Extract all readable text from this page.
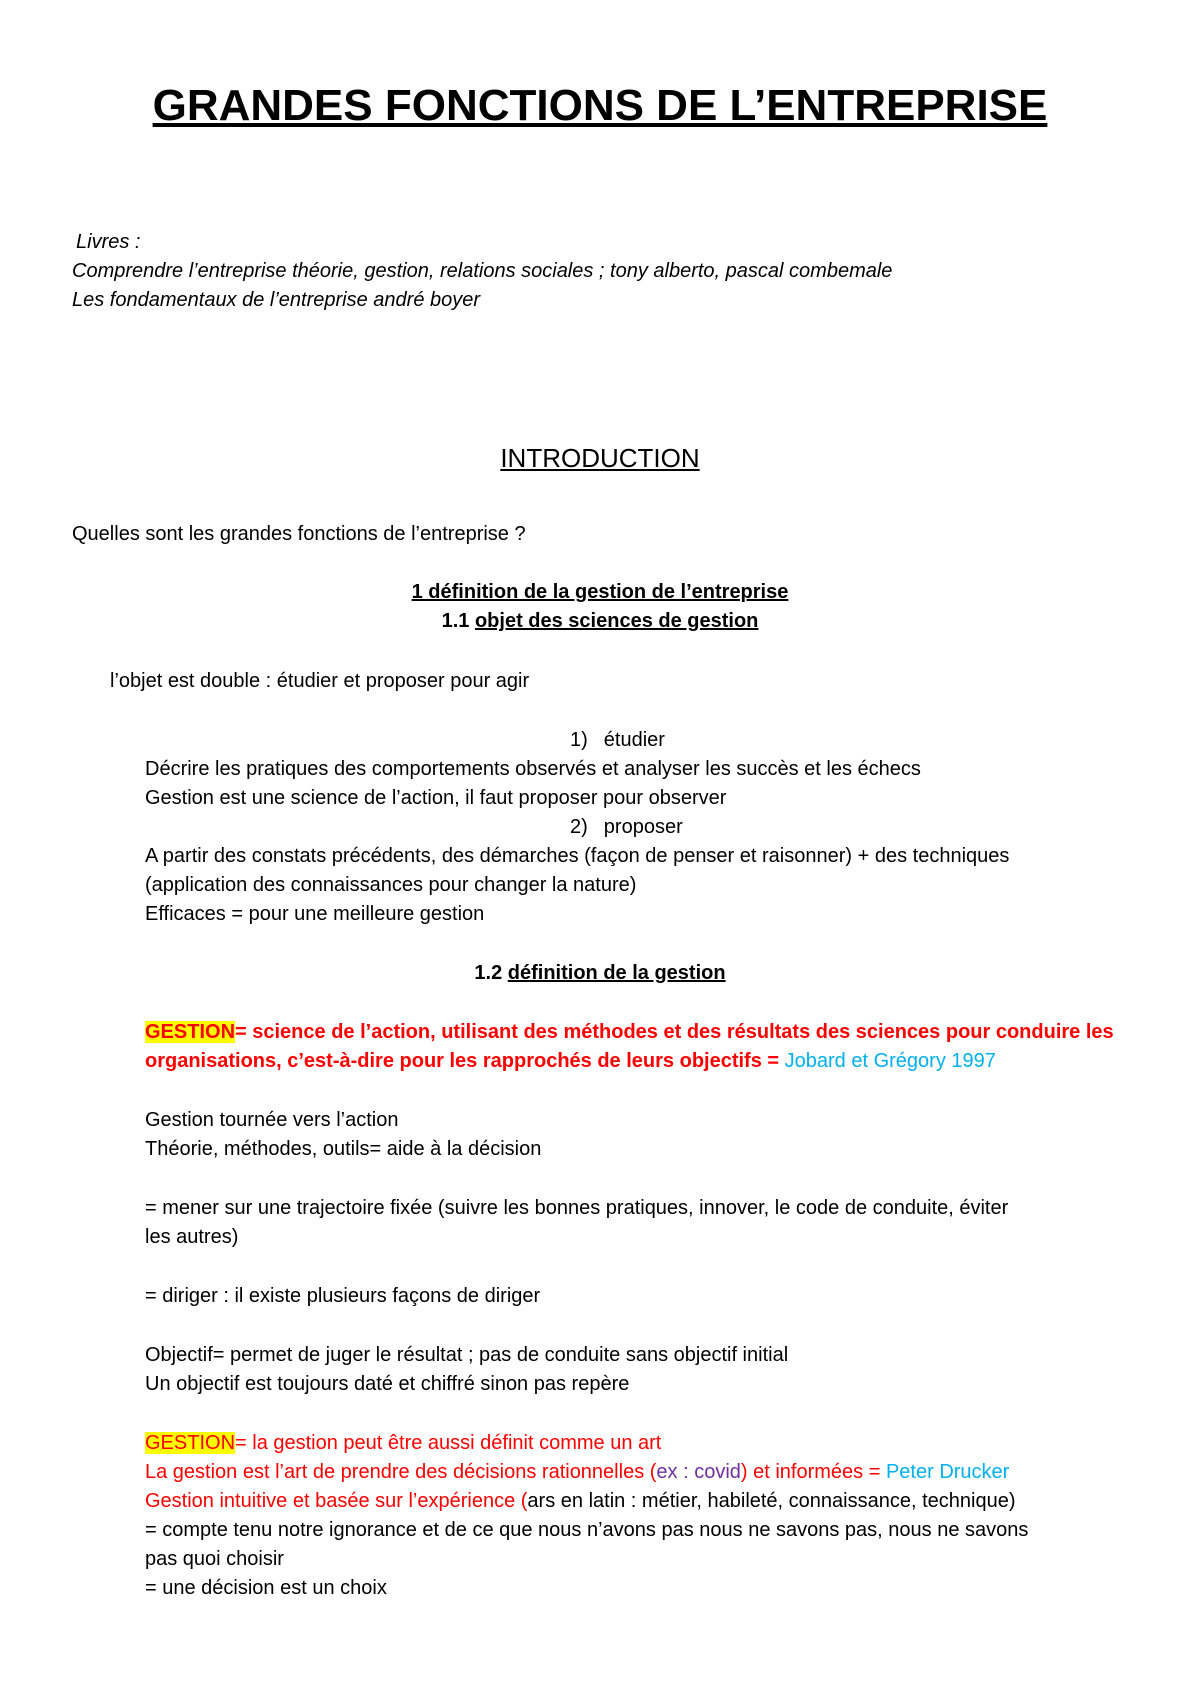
GRANDES FONCTIONS DE L’ENTREPRISE
Livres :
Comprendre l’entreprise théorie, gestion, relations sociales ; tony alberto, pascal combemale
Les fondamentaux de l’entreprise andré boyer
INTRODUCTION
Quelles sont les grandes fonctions de l’entreprise ?
1 définition de la gestion de l’entreprise
1.1 objet des sciences de gestion
l’objet est double : étudier et proposer pour agir
1) étudier
Décrire les pratiques des comportements observés et analyser les succès et les échecs
Gestion est une science de l’action, il faut proposer pour observer
2) proposer
A partir des constats précédents, des démarches (façon de penser et raisonner) + des techniques
(application des connaissances pour changer la nature)
Efficaces = pour une meilleure gestion
1.2 définition de la gestion
GESTION= science de l’action, utilisant des méthodes et des résultats des sciences pour conduire les
organisations, c’est-à-dire pour les rapprochés de leurs objectifs = Jobard et Grégory 1997
Gestion tournée vers l’action
Théorie, méthodes, outils= aide à la décision
= mener sur une trajectoire fixée (suivre les bonnes pratiques, innover, le code de conduite, éviter
les autres)
= diriger : il existe plusieurs façons de diriger
Objectif= permet de juger le résultat ; pas de conduite sans objectif initial
Un objectif est toujours daté et chiffré sinon pas repère
GESTION= la gestion peut être aussi définit comme un art
La gestion est l’art de prendre des décisions rationnelles (ex : covid) et informées = Peter Drucker
Gestion intuitive et basée sur l’expérience (ars en latin : métier, habileté, connaissance, technique)
= compte tenu notre ignorance et de ce que nous n’avons pas nous ne savons pas, nous ne savons
pas quoi choisir
= une décision est un choix
